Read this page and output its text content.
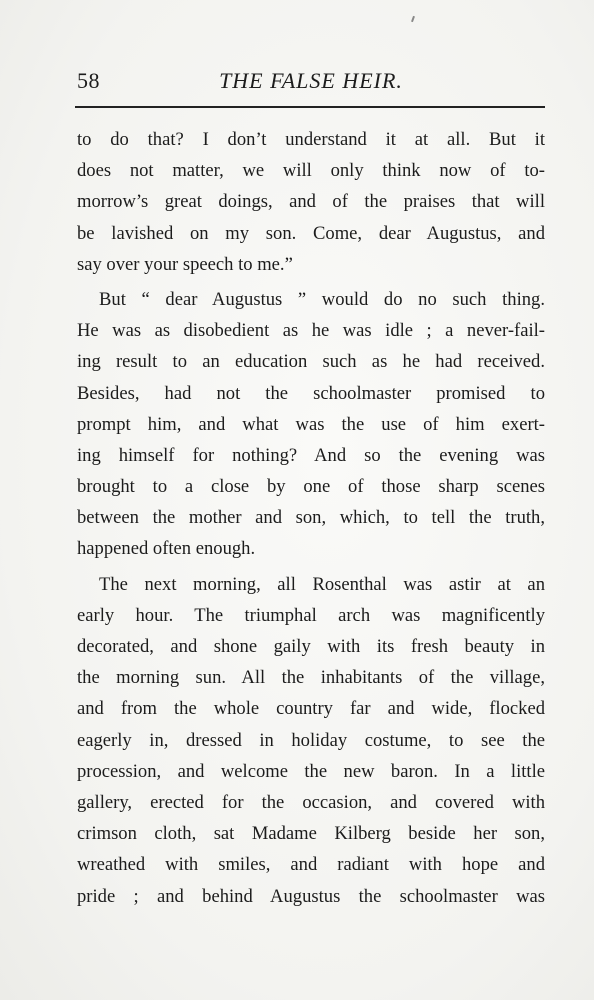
58	THE FALSE HEIR.
to do that? I don’t understand it at all. But it
does not matter, we will only think now of to-
morrow’s great doings, and of the praises that will
be lavished on my son. Come, dear Augustus, and
say over your speech to me.”
But “ dear Augustus ” would do no such thing.
He was as disobedient as he was idle ; a never-fail-
ing result to an education such as he had received.
Besides, had not the schoolmaster promised to
prompt him, and what was the use of him exert-
ing himself for nothing? And so the evening was
brought to a close by one of those sharp scenes
between the mother and son, which, to tell the truth,
happened often enough.
The next morning, all Rosenthal was astir at an
early hour. The triumphal arch was magnificently
decorated, and shone gaily with its fresh beauty in
the morning sun. All the inhabitants of the village,
and from the whole country far and wide, flocked
eagerly in, dressed in holiday costume, to see the
procession, and welcome the new baron. In a little
gallery, erected for the occasion, and covered with
crimson cloth, sat Madame Kilberg beside her son,
wreathed with smiles, and radiant with hope and
pride ; and behind Augustus the schoolmaster was
